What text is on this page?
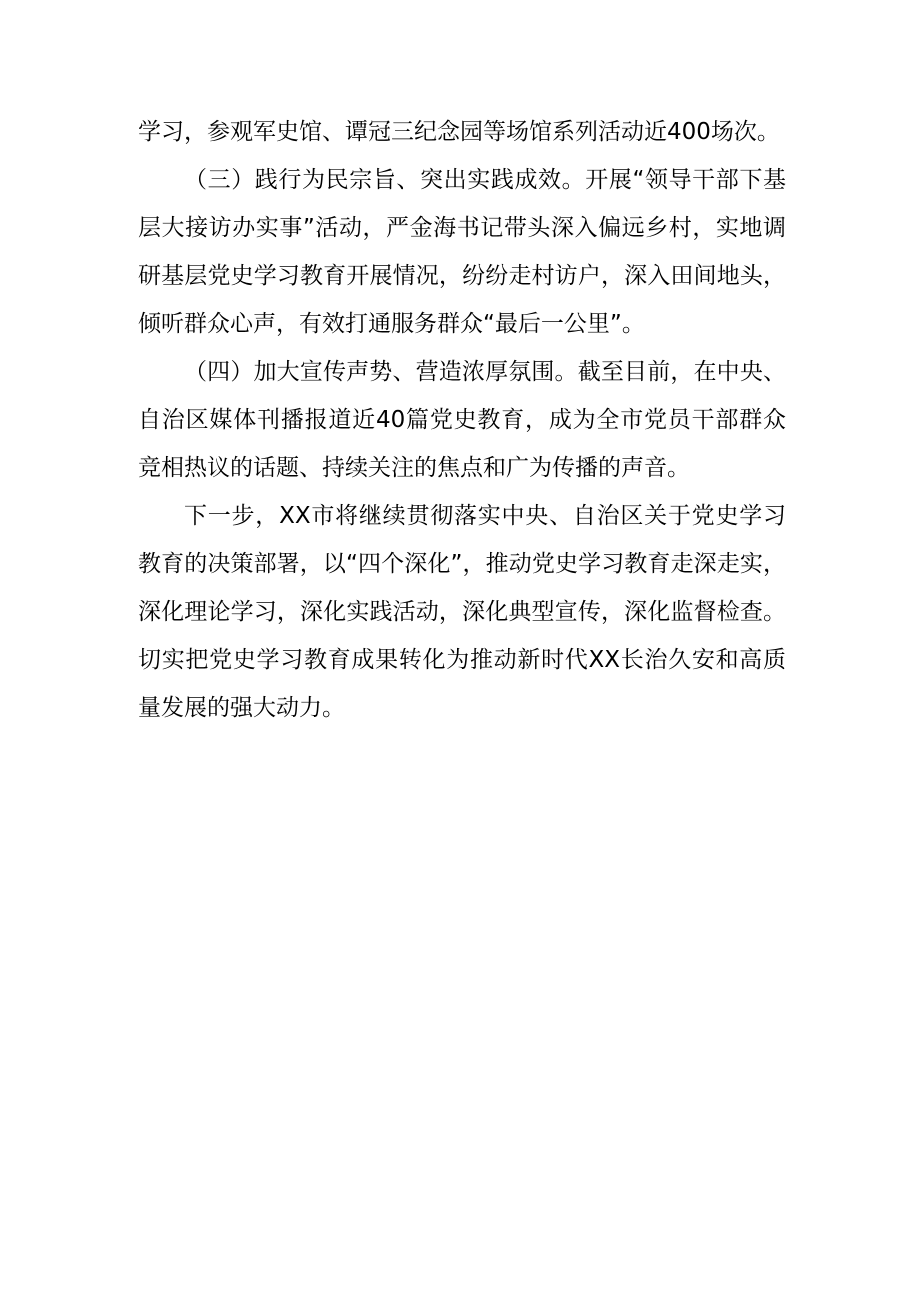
学习，参观军史馆、谭冠三纪念园等场馆系列活动近400场次。

（三）践行为民宗旨、突出实践成效。开展“领导干部下基层大接访办实事”活动，严金海书记带头深入偏远乡村，实地调研基层党史学习教育开展情况，纷纷走村访户，深入田间地头，倾听群众心声，有效打通服务群众“最后一公里”。

（四）加大宣传声势、营造浓厚氛围。截至目前，在中央、自治区媒体刊播报道近40篇党史教育，成为全市党员干部群众竞相热议的话题、持续关注的焦点和广为传播的声音。

下一步，XX市将继续贯彻落实中央、自治区关于党史学习教育的决策部署，以“四个深化”，推动党史学习教育走深走实，深化理论学习，深化实践活动，深化典型宣传，深化监督检查。切实把党史学习教育成果转化为推动新时代XX长治久安和高质量发展的强大动力。
